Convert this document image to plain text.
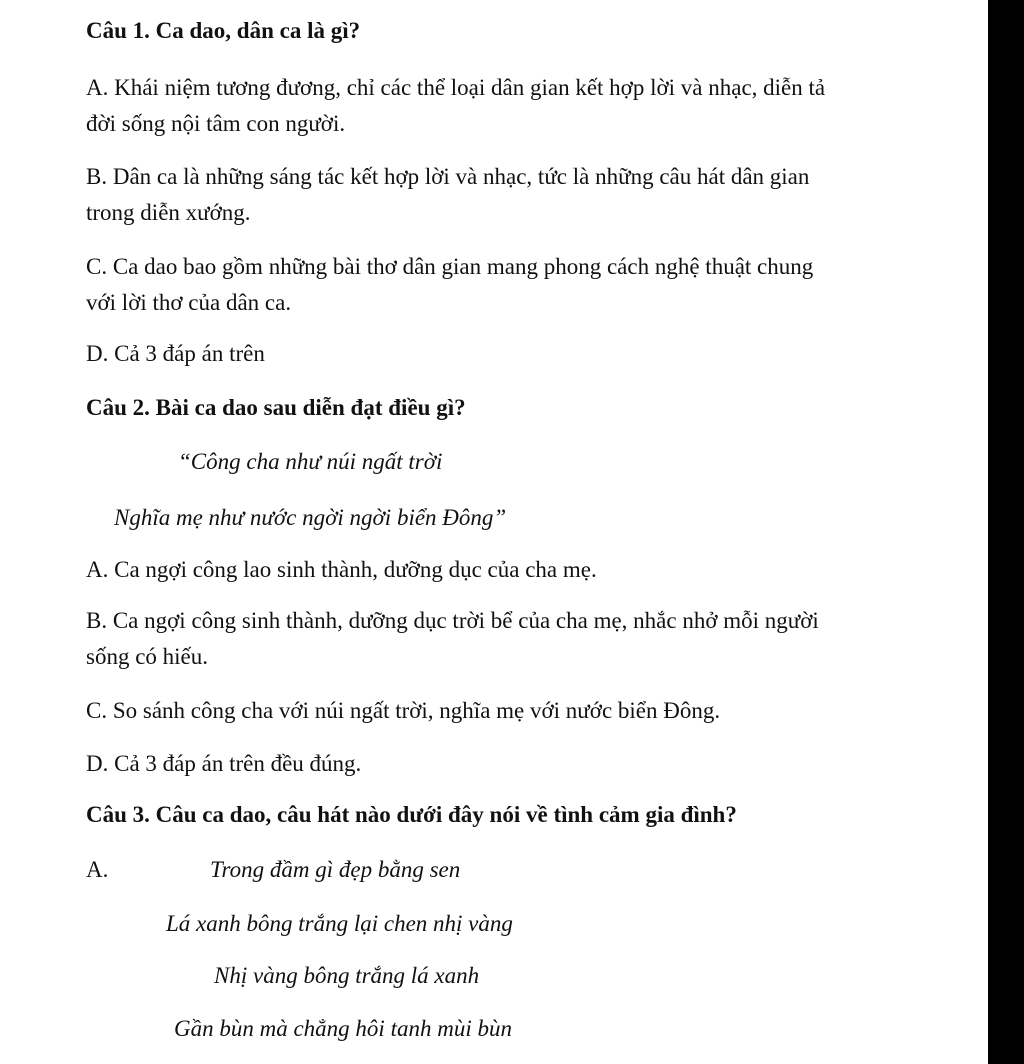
Câu 1. Ca dao, dân ca là gì?

A. Khái niệm tương đương, chỉ các thể loại dân gian kết hợp lời và nhạc, diễn tả

đời sống nội tâm con người.

B. Dân ca là những sáng tác kết hợp lời và nhạc, tức là những câu hát dân gian

trong diễn xướng.

C. Ca dao bao gồm những bài thơ dân gian mang phong cách nghệ thuật chung

với lời thơ của dân ca.

D. Cả 3 đáp án trên

Câu 2. Bài ca dao sau diễn đạt điều gì?

“Công cha như núi ngất trời

Nghĩa mẹ như nước ngời ngời biển Đông”

A. Ca ngợi công lao sinh thành, dưỡng dục của cha mẹ.

B. Ca ngợi công sinh thành, dưỡng dục trời bể của cha mẹ, nhắc nhở mỗi người

sống có hiếu.

C. So sánh công cha với núi ngất trời, nghĩa mẹ với nước biển Đông.

D. Cả 3 đáp án trên đều đúng.

Câu 3. Câu ca dao, câu hát nào dưới đây nói về tình cảm gia đình?

A.	Trong đầm gì đẹp bằng sen

Lá xanh bông trắng lại chen nhị vàng

Nhị vàng bông trắng lá xanh

Gần bùn mà chẳng hôi tanh mùi bùn
